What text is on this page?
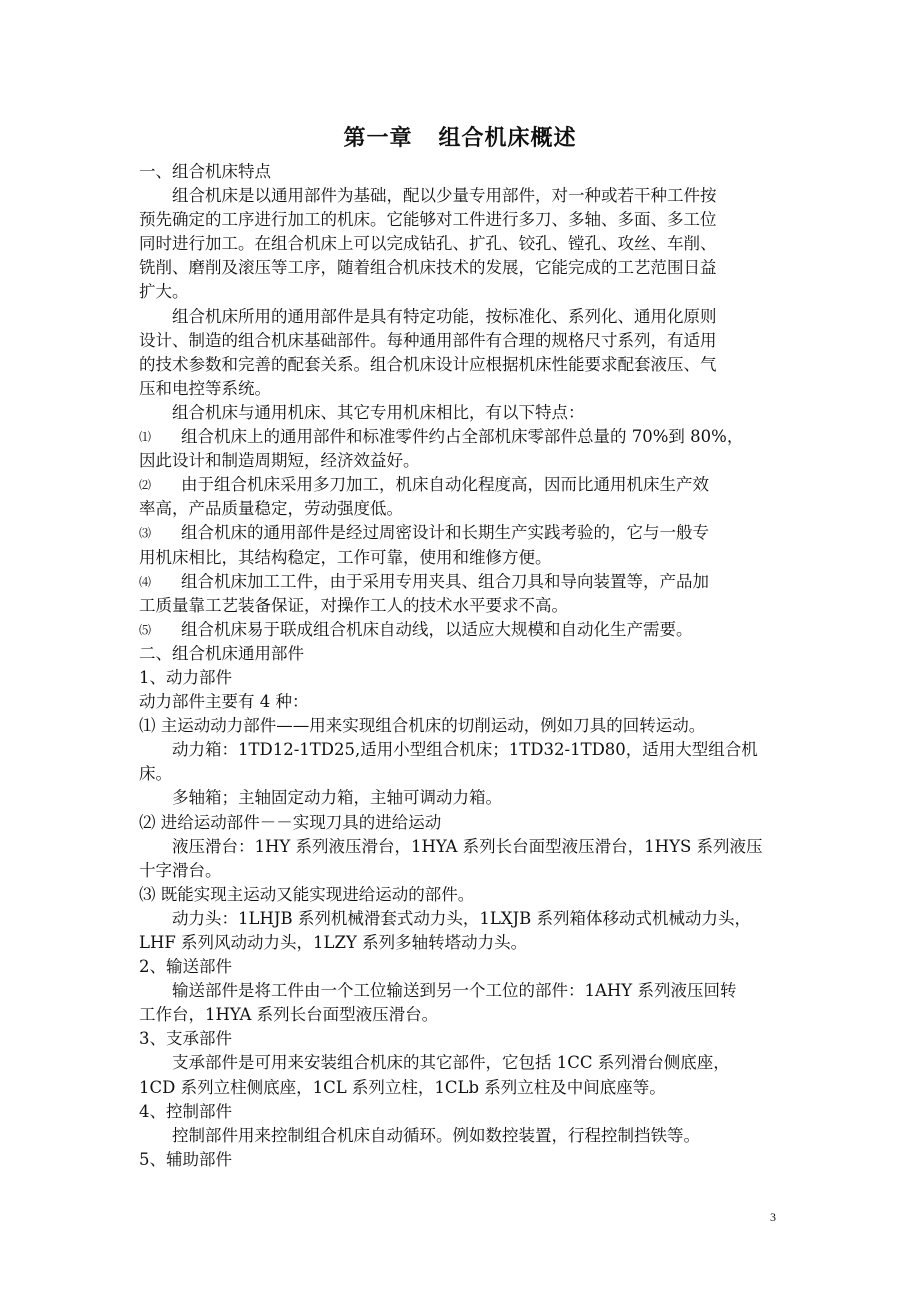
第一章 组合机床概述
一、组合机床特点
组合机床是以通用部件为基础，配以少量专用部件，对一种或若干种工件按
预先确定的工序进行加工的机床。它能够对工件进行多刀、多轴、多面、多工位
同时进行加工。在组合机床上可以完成钻孔、扩孔、铰孔、镗孔、攻丝、车削、
铣削、磨削及滚压等工序，随着组合机床技术的发展，它能完成的工艺范围日益
扩大。
组合机床所用的通用部件是具有特定功能，按标准化、系列化、通用化原则
设计、制造的组合机床基础部件。每种通用部件有合理的规格尺寸系列，有适用
的技术参数和完善的配套关系。组合机床设计应根据机床性能要求配套液压、气
压和电控等系统。
组合机床与通用机床、其它专用机床相比，有以下特点：
⑴	组合机床上的通用部件和标准零件约占全部机床零部件总量的 70%到 80%，
因此设计和制造周期短，经济效益好。
⑵	由于组合机床采用多刀加工，机床自动化程度高，因而比通用机床生产效
率高，产品质量稳定，劳动强度低。
⑶	组合机床的通用部件是经过周密设计和长期生产实践考验的，它与一般专
用机床相比，其结构稳定，工作可靠，使用和维修方便。
⑷	组合机床加工工件，由于采用专用夹具、组合刀具和导向装置等，产品加
工质量靠工艺装备保证，对操作工人的技术水平要求不高。
⑸	组合机床易于联成组合机床自动线，以适应大规模和自动化生产需要。
二、组合机床通用部件
1、动力部件
动力部件主要有 4 种：
⑴ 主运动动力部件——用来实现组合机床的切削运动，例如刀具的回转运动。
动力箱：1TD12-1TD25,适用小型组合机床；1TD32-1TD80，适用大型组合机
床。
多轴箱；主轴固定动力箱，主轴可调动力箱。
⑵ 进给运动部件－－实现刀具的进给运动
液压滑台：1HY 系列液压滑台，1HYA 系列长台面型液压滑台，1HYS 系列液压
十字滑台。
⑶ 既能实现主运动又能实现进给运动的部件。
动力头：1LHJB 系列机械滑套式动力头，1LXJB 系列箱体移动式机械动力头，
LHF 系列风动动力头，1LZY 系列多轴转塔动力头。
2、输送部件
输送部件是将工件由一个工位输送到另一个工位的部件：1AHY 系列液压回转
工作台，1HYA 系列长台面型液压滑台。
3、支承部件
支承部件是可用来安装组合机床的其它部件，它包括 1CC 系列滑台侧底座，
1CD 系列立柱侧底座，1CL 系列立柱，1CLb 系列立柱及中间底座等。
4、控制部件
控制部件用来控制组合机床自动循环。例如数控装置，行程控制挡铁等。
5、辅助部件
3
